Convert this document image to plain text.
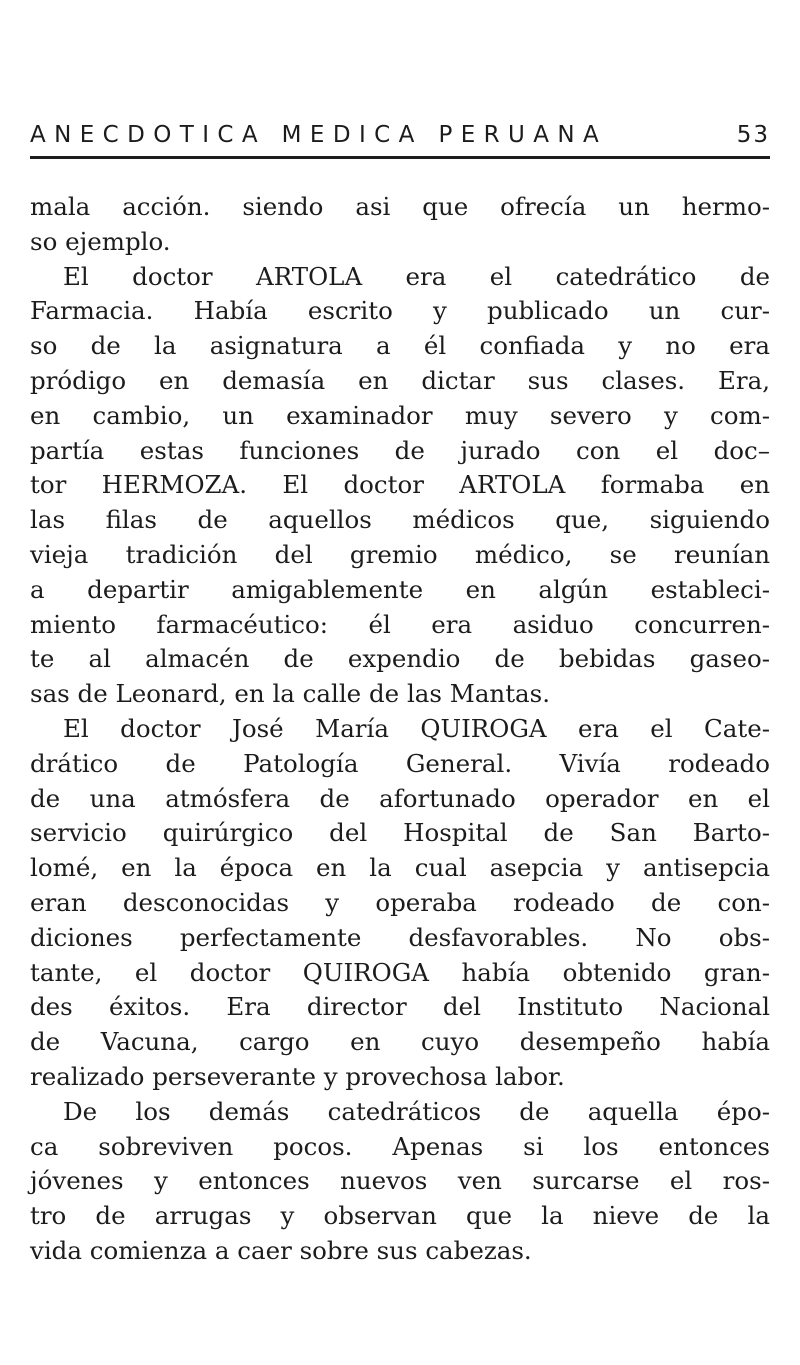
ANECDOTICA MEDICA PERUANA	53
mala acción. siendo asi que ofrecía un hermo-
so ejemplo.
El doctor ARTOLA era el catedrático de
Farmacia. Había escrito y publicado un cur-
so de la asignatura a él confiada y no era
pródigo en demasía en dictar sus clases. Era,
en cambio, un examinador muy severo y com-
partía estas funciones de jurado con el doc–
tor HERMOZA. El doctor ARTOLA formaba en
las filas de aquellos médicos que, siguiendo
vieja tradición del gremio médico, se reunían
a departir amigablemente en algún estableci-
miento farmacéutico: él era asiduo concurren-
te al almacén de expendio de bebidas gaseo-
sas de Leonard, en la calle de las Mantas.
El doctor José María QUIROGA era el Cate-
drático de Patología General. Vivía rodeado
de una atmósfera de afortunado operador en el
servicio quirúrgico del Hospital de San Barto-
lomé, en la época en la cual asepcia y antisepcia
eran desconocidas y operaba rodeado de con-
diciones perfectamente desfavorables. No obs-
tante, el doctor QUIROGA había obtenido gran-
des éxitos. Era director del Instituto Nacional
de Vacuna, cargo en cuyo desempeño había
realizado perseverante y provechosa labor.
De los demás catedráticos de aquella épo-
ca sobreviven pocos. Apenas si los entonces
jóvenes y entonces nuevos ven surcarse el ros-
tro de arrugas y observan que la nieve de la
vida comienza a caer sobre sus cabezas.
